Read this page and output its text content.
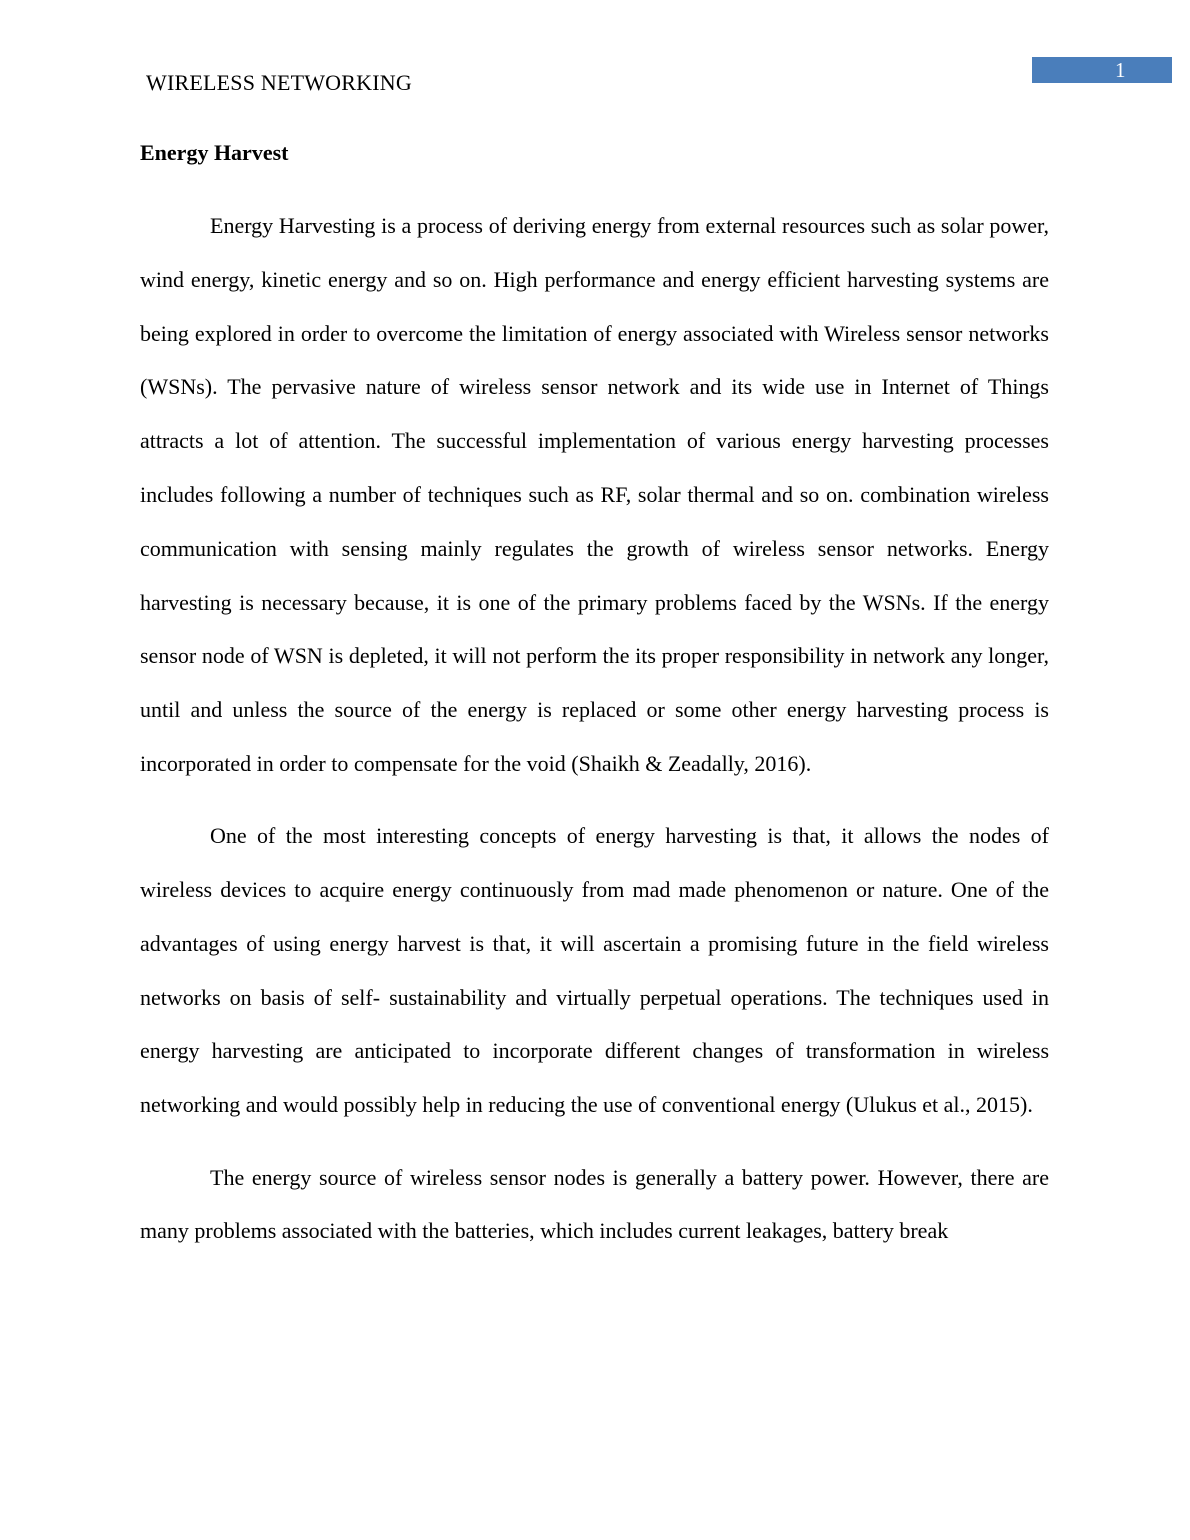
WIRELESS NETWORKING	1
Energy Harvest

Energy Harvesting is a process of deriving energy from external resources such as solar power, wind energy, kinetic energy and so on. High performance and energy efficient harvesting systems are being explored in order to overcome the limitation of energy associated with Wireless sensor networks (WSNs). The pervasive nature of wireless sensor network and its wide use in Internet of Things attracts a lot of attention. The successful implementation of various energy harvesting processes includes following a number of techniques such as RF, solar thermal and so on. combination wireless communication with sensing mainly regulates the growth of wireless sensor networks. Energy harvesting is necessary because, it is one of the primary problems faced by the WSNs. If the energy sensor node of WSN is depleted, it will not perform the its proper responsibility in network any longer, until and unless the source of the energy is replaced or some other energy harvesting process is incorporated in order to compensate for the void (Shaikh & Zeadally, 2016).

One of the most interesting concepts of energy harvesting is that, it allows the nodes of wireless devices to acquire energy continuously from mad made phenomenon or nature. One of the advantages of using energy harvest is that, it will ascertain a promising future in the field wireless networks on basis of self- sustainability and virtually perpetual operations. The techniques used in energy harvesting are anticipated to incorporate different changes of transformation in wireless networking and would possibly help in reducing the use of conventional energy (Ulukus et al., 2015).

The energy source of wireless sensor nodes is generally a battery power. However, there are many problems associated with the batteries, which includes current leakages, battery break
